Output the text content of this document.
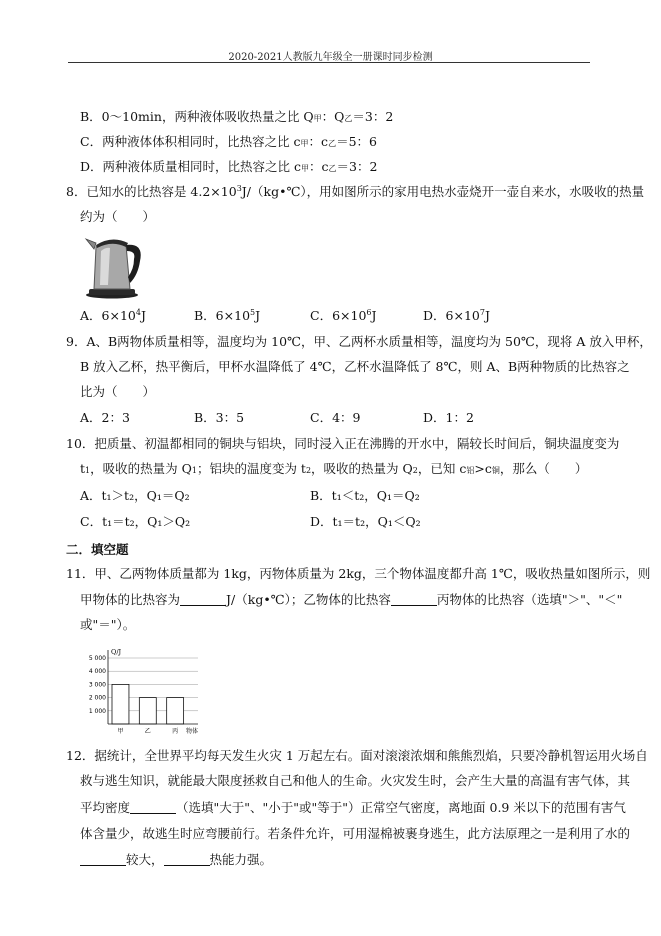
2020-2021人教版九年级全一册课时同步检测
B．0～10min，两种液体吸收热量之比 Q甲：Q乙＝3：2
C．两种液体体积相同时，比热容之比 c甲：c乙＝5：6
D．两种液体质量相同时，比热容之比 c甲：c乙＝3：2
8．已知水的比热容是 $4.2\times 10^3J/(kg•℃)$，用如图所示的家用电热水壶烧开一壶自来水，水吸收的热量
约为（　　）
A．$6\times 10^4J$	B．$6\times 10^5J$	C．$6\times 10^6J$	D．$6\times 10^7J$
9．A、B两物体质量相等，温度均为 10℃，甲、乙两杯水质量相等，温度均为 50℃，现将 A 放入甲杯，
B 放入乙杯，热平衡后，甲杯水温降低了 4℃，乙杯水温降低了 8℃，则 A、B两种物质的比热容之
比为（　　）
A．2：3	B．3：5	C．4：9	D．1：2
10．把质量、初温都相同的铜块与铝块，同时浸入正在沸腾的开水中，隔较长时间后，铜块温度变为
t1，吸收的热量为 Q1；铝块的温度变为 t2，吸收的热量为 Q2，已知 c铝>c铜，那么（　　）
A．t₁＞t₂，Q₁＝Q₂	B．t₁＜t₂，Q₁＝Q₂
C．t₁＝t₂，Q₁＞Q₂	D．t₁＝t₂，Q₁＜Q₂
二．填空题
11．甲、乙两物体质量都为 1kg，丙物体质量为 2kg，三个物体温度都升高 1℃，吸收热量如图所示，则
甲物体的比热容为	J/（kg•℃）；乙物体的比热容	丙物体的比热容（选填"＞"、"＜"
或"＝"）。
1 000
2 000
3 000
4 000
5 000
甲	乙	丙
Q/J
物体
12．据统计，全世界平均每天发生火灾 1 万起左右。面对滚滚浓烟和熊熊烈焰，只要冷静机智运用火场自
救与逃生知识，就能最大限度拯救自己和他人的生命。火灾发生时，会产生大量的高温有害气体，其
平均密度	（选填"大于"、"小于"或"等于"）正常空气密度，离地面 0.9 米以下的范围有害气
体含量少，故逃生时应弯腰前行。若条件允许，可用湿棉被裹身逃生，此方法原理之一是利用了水的
较大，	热能力强。
